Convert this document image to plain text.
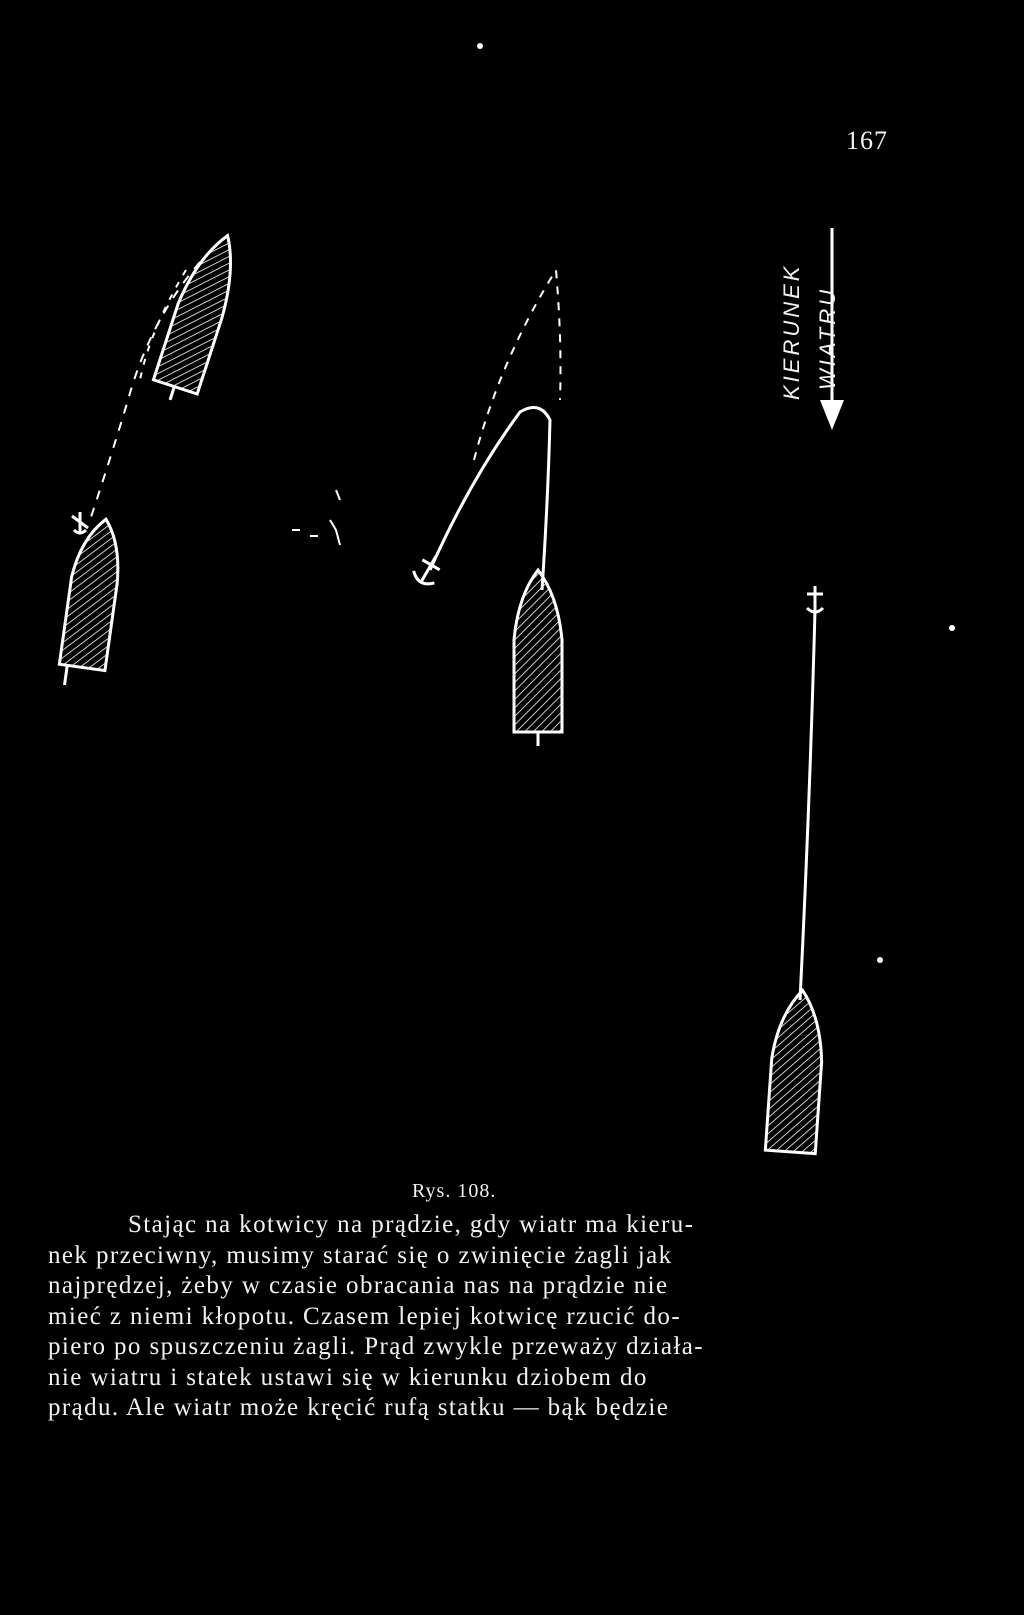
167
KIERUNEK WIATRU
Rys. 108.
Stając na kotwicy na prądzie, gdy wiatr ma kieru-
nek przeciwny, musimy starać się o zwinięcie żagli jak
najprędzej, żeby w czasie obracania nas na prądzie nie
mieć z niemi kłopotu. Czasem lepiej kotwicę rzucić do-
piero po spuszczeniu żagli. Prąd zwykle przeważy działa-
nie wiatru i statek ustawi się w kierunku dziobem do
prądu. Ale wiatr może kręcić rufą statku — bąk będzie
